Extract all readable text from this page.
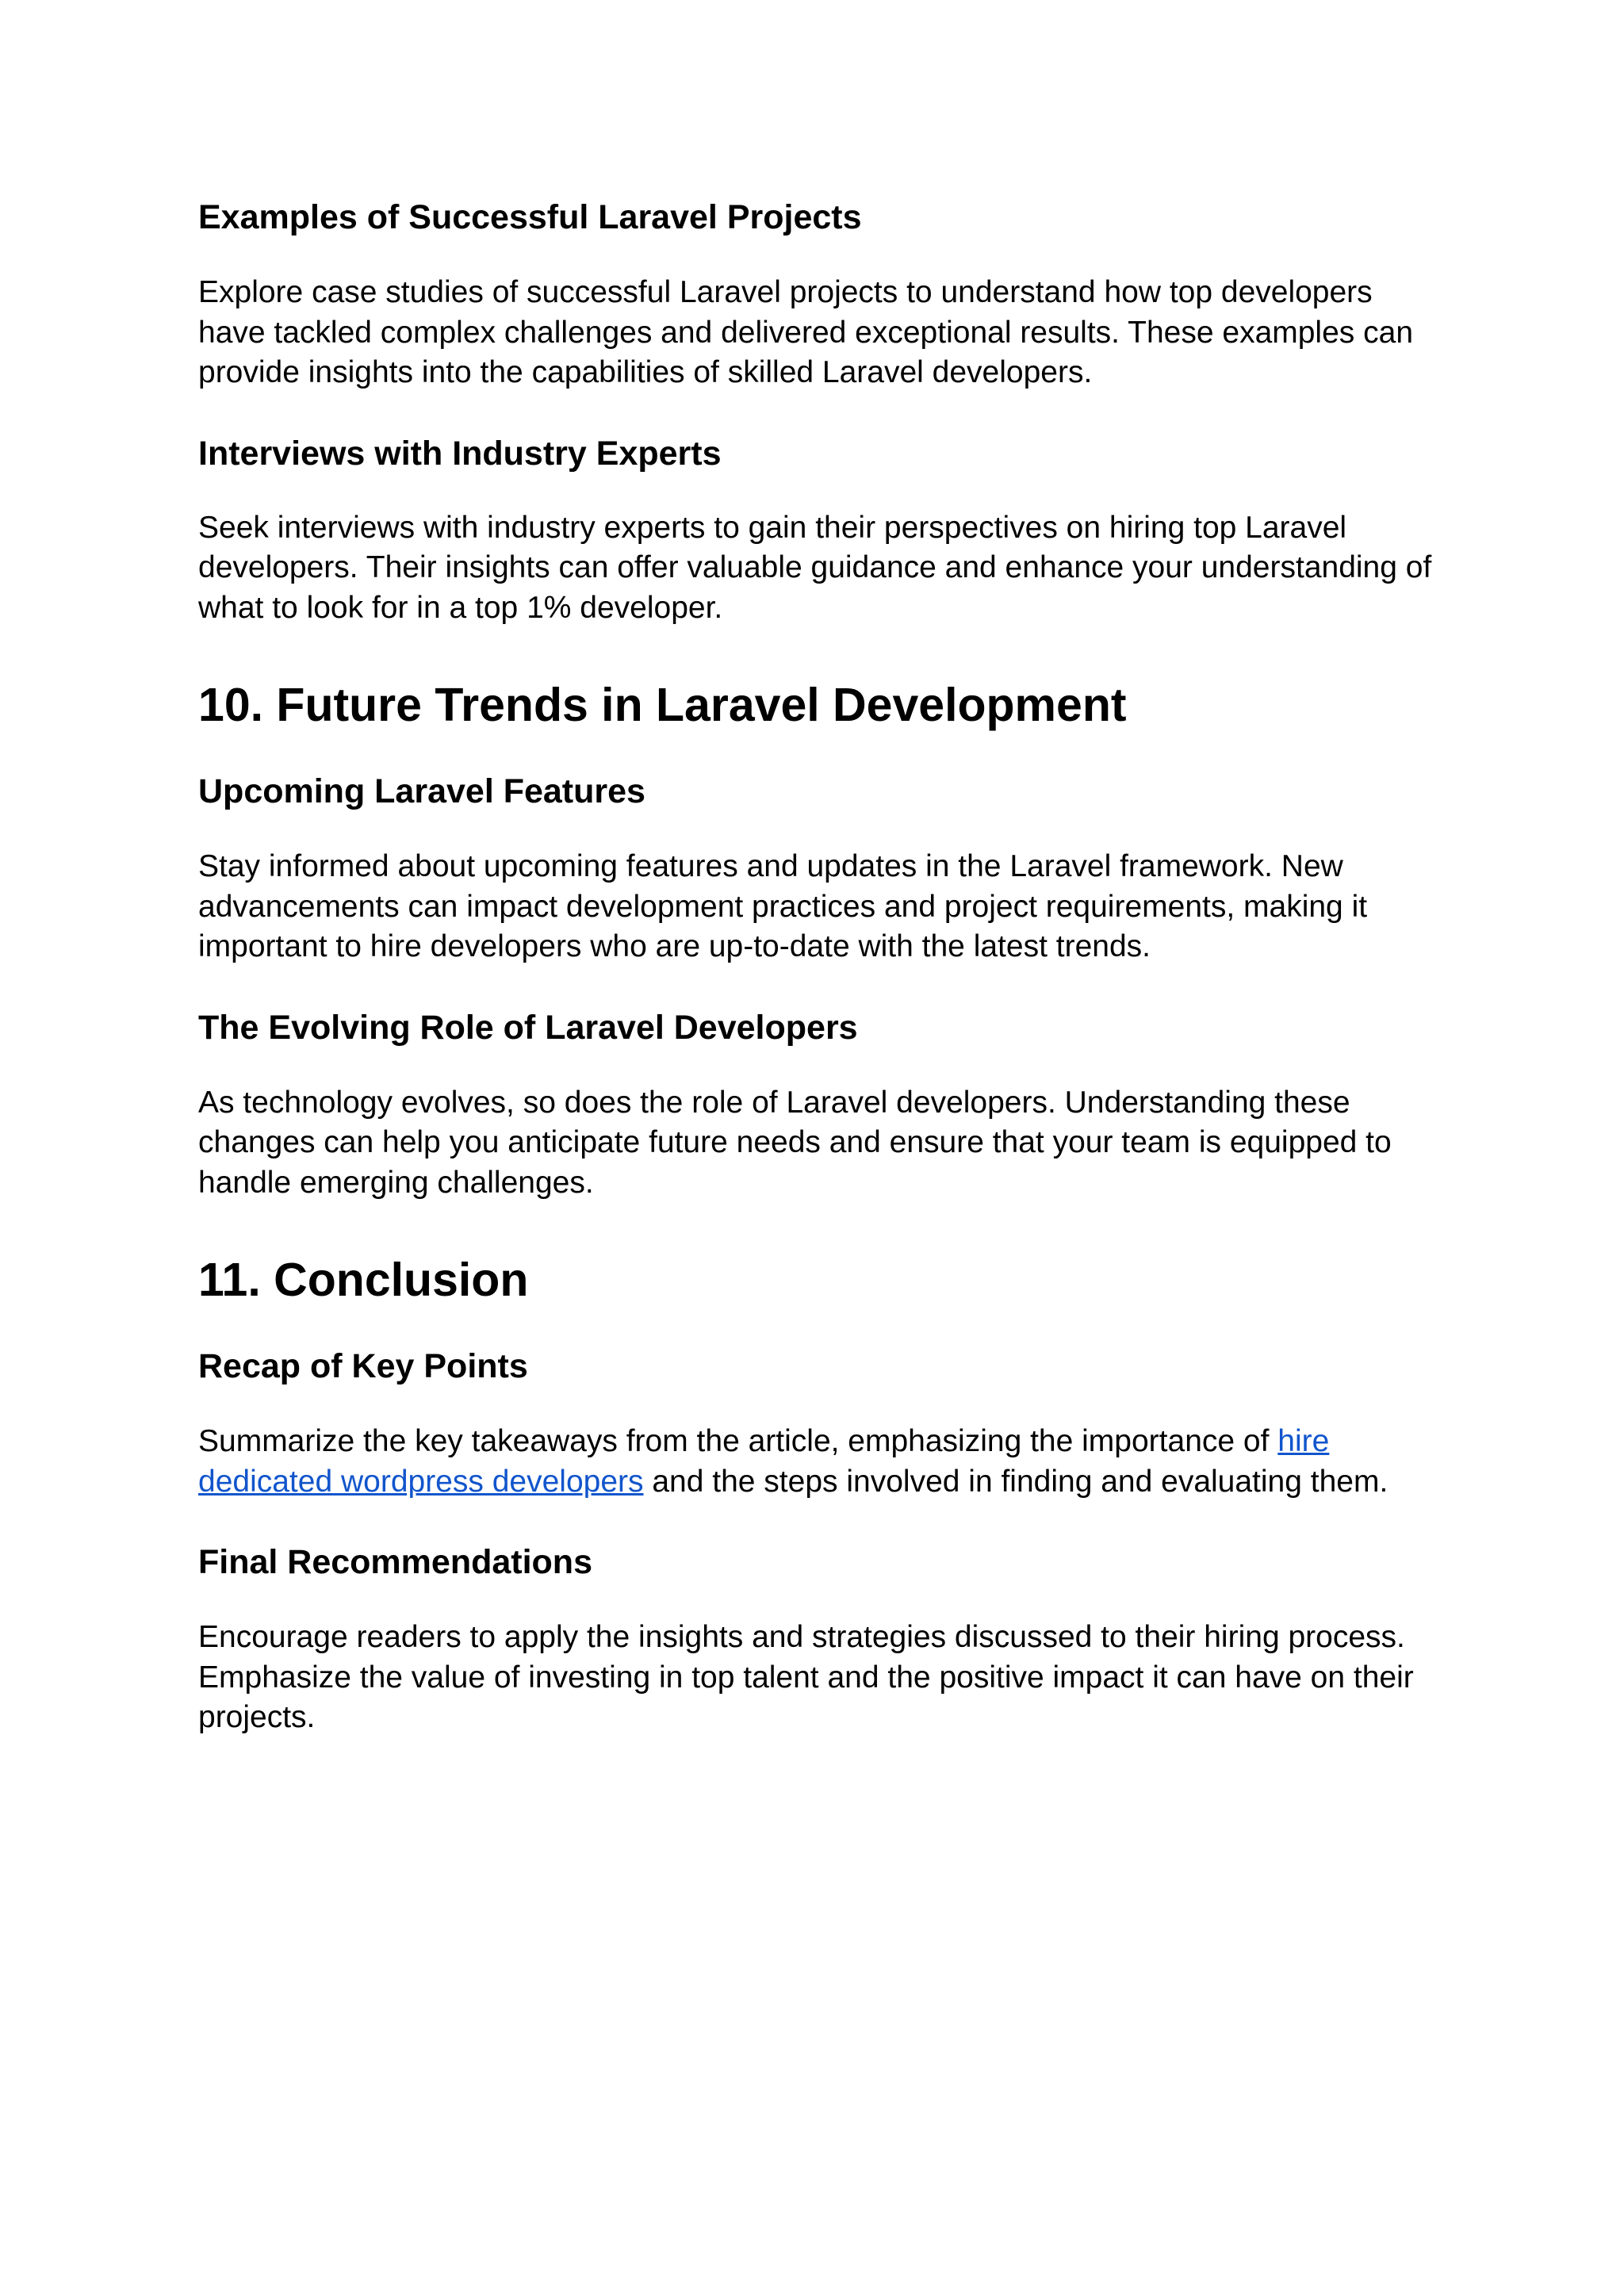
Examples of Successful Laravel Projects

Explore case studies of successful Laravel projects to understand how top developers have tackled complex challenges and delivered exceptional results. These examples can provide insights into the capabilities of skilled Laravel developers.

Interviews with Industry Experts

Seek interviews with industry experts to gain their perspectives on hiring top Laravel developers. Their insights can offer valuable guidance and enhance your understanding of what to look for in a top 1% developer.

10. Future Trends in Laravel Development
Upcoming Laravel Features

Stay informed about upcoming features and updates in the Laravel framework. New advancements can impact development practices and project requirements, making it important to hire developers who are up-to-date with the latest trends.

The Evolving Role of Laravel Developers

As technology evolves, so does the role of Laravel developers. Understanding these changes can help you anticipate future needs and ensure that your team is equipped to handle emerging challenges.

11. Conclusion
Recap of Key Points

Summarize the key takeaways from the article, emphasizing the importance of hire dedicated wordpress developers and the steps involved in finding and evaluating them.

Final Recommendations

Encourage readers to apply the insights and strategies discussed to their hiring process. Emphasize the value of investing in top talent and the positive impact it can have on their projects.
